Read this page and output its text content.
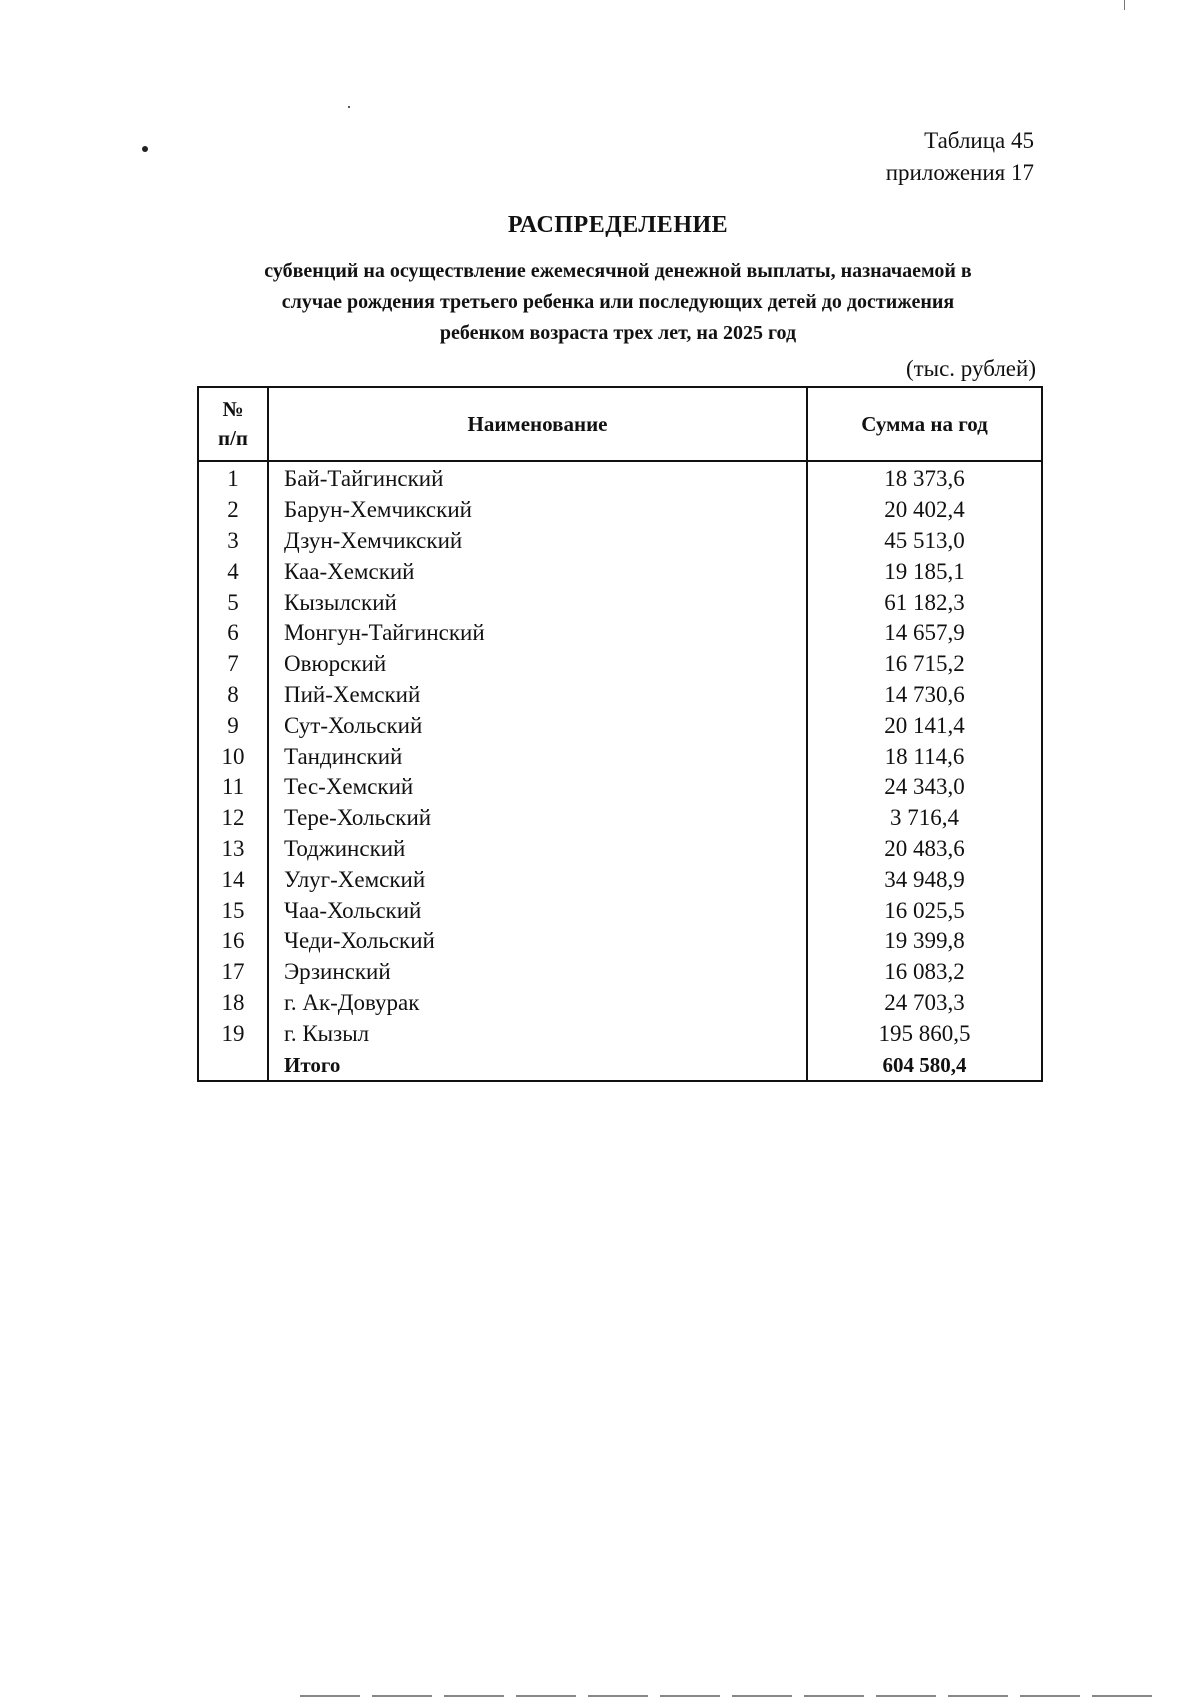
Таблица 45
приложения 17
РАСПРЕДЕЛЕНИЕ
субвенций на осуществление ежемесячной денежной выплаты, назначаемой в
случае рождения третьего ребенка или последующих детей до достижения
ребенком возраста трех лет, на 2025 год
(тыс. рублей)
№
п/п	Наименование	Сумма на год
1	Бай-Тайгинский	18 373,6
2	Барун-Хемчикский	20 402,4
3	Дзун-Хемчикский	45 513,0
4	Каа-Хемский	19 185,1
5	Кызылский	61 182,3
6	Монгун-Тайгинский	14 657,9
7	Овюрский	16 715,2
8	Пий-Хемский	14 730,6
9	Сут-Хольский	20 141,4
10	Тандинский	18 114,6
11	Тес-Хемский	24 343,0
12	Тере-Хольский	3 716,4
13	Тоджинский	20 483,6
14	Улуг-Хемский	34 948,9
15	Чаа-Хольский	16 025,5
16	Чеди-Хольский	19 399,8
17	Эрзинский	16 083,2
18	г. Ак-Довурак	24 703,3
19	г. Кызыл	195 860,5
	Итого	604 580,4
